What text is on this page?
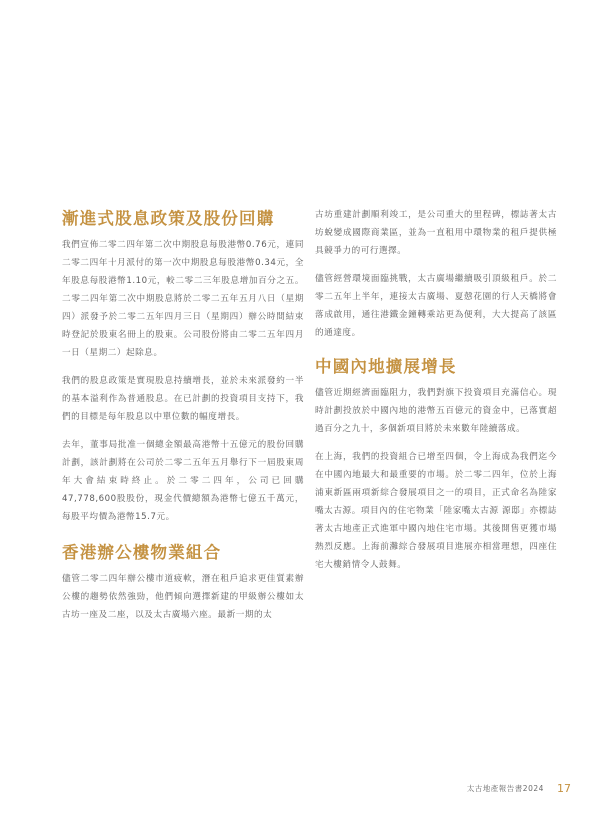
漸進式股息政策及股份回購

我們宣佈二零二四年第二次中期股息每股港幣0.76元，連同二零二四年十月派付的第一次中期股息每股港幣0.34元，全年股息每股港幣1.10元，較二零二三年股息增加百分之五。二零二四年第二次中期股息將於二零二五年五月八日（星期四）派發予於二零二五年四月三日（星期四）辦公時間結束時登記於股東名冊上的股東。公司股份將由二零二五年四月一日（星期二）起除息。

我們的股息政策是實現股息持續增長，並於未來派發約一半的基本溢利作為普通股息。在已計劃的投資項目支持下，我們的目標是每年股息以中單位數的幅度增長。

去年，董事局批准一個總金額最高港幣十五億元的股份回購計劃，該計劃將在公司於二零二五年五月舉行下一屆股東周年大會結束時終止。於二零二四年，公司已回購47,778,600股股份，現金代價總額為港幣七億五千萬元，每股平均價為港幣15.7元。

香港辦公樓物業組合

儘管二零二四年辦公樓市道疲軟，潛在租戶追求更佳質素辦公樓的趨勢依然強勁，他們傾向選擇新建的甲級辦公樓如太古坊一座及二座，以及太古廣場六座。最新一期的太

古坊重建計劃順利竣工，是公司重大的里程碑，標誌著太古坊蛻變成國際商業區，並為一直租用中環物業的租戶提供極具競爭力的可行選擇。

儘管經營環境面臨挑戰，太古廣場繼續吸引頂級租戶。於二零二五年上半年，連接太古廣場、夏慤花園的行人天橋將會落成啟用，通往港鐵金鐘轉乘站更為便利，大大提高了該區的通達度。

中國內地擴展增長

儘管近期經濟面臨阻力，我們對旗下投資項目充滿信心。現時計劃投放於中國內地的港幣五百億元的資金中，已落實超過百分之九十，多個新項目將於未來數年陸續落成。

在上海，我們的投資組合已增至四個，令上海成為我們迄今在中國內地最大和最重要的市場。於二零二四年，位於上海浦東新區兩項新綜合發展項目之一的項目，正式命名為陸家嘴太古源。項目內的住宅物業「陸家嘴太古源 源邸」亦標誌著太古地產正式進軍中國內地住宅市場。其後開售更獲市場熱烈反應。上海前灘綜合發展項目進展亦相當理想，四座住宅大樓銷情令人鼓舞。

太古地產報告書2024 17
